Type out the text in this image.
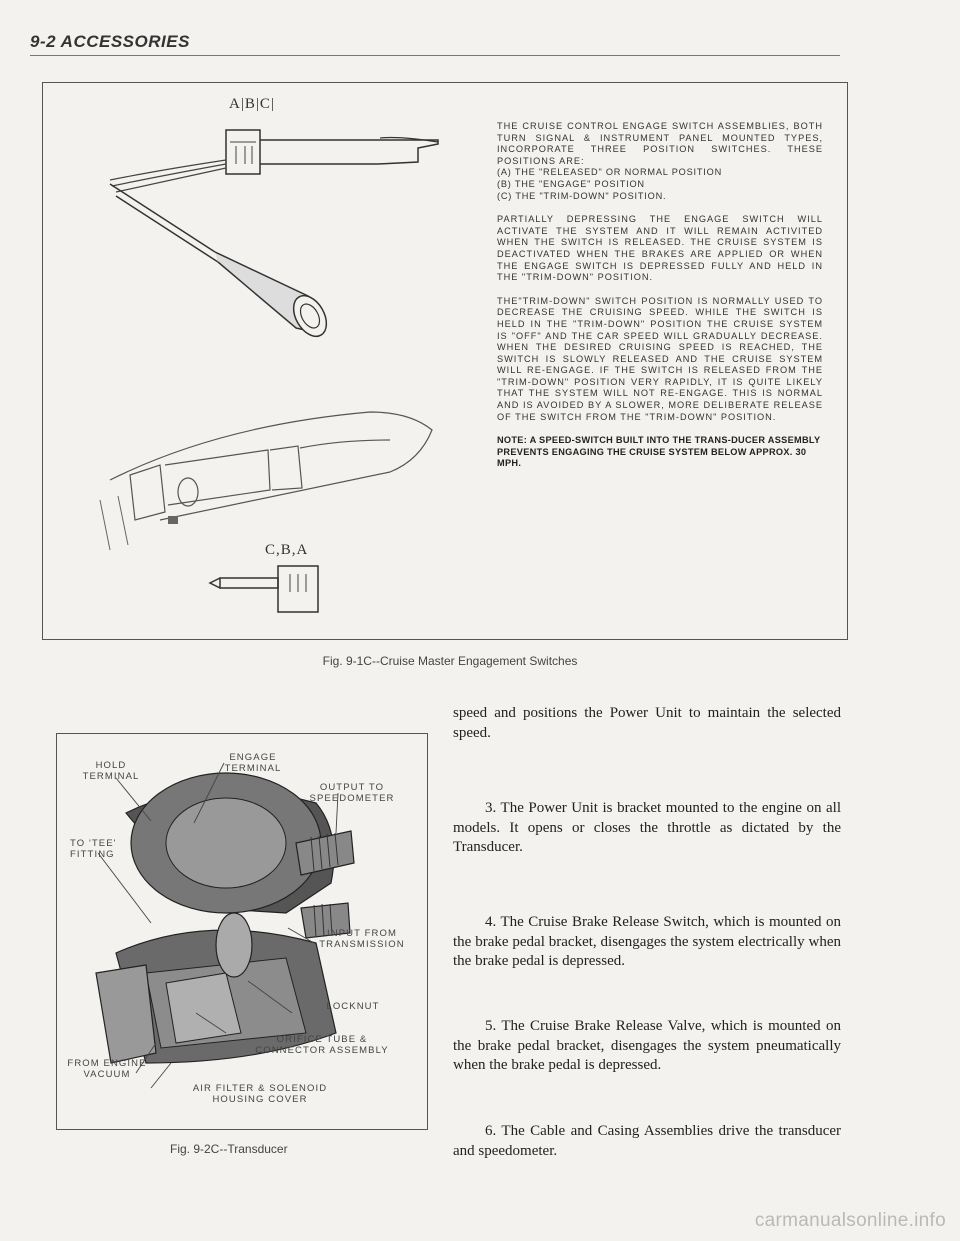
9-2 ACCESSORIES
A|B|C|
C,B,A

THE CRUISE CONTROL ENGAGE SWITCH ASSEMBLIES, BOTH TURN SIGNAL & INSTRUMENT PANEL MOUNTED TYPES, INCORPORATE THREE POSITION SWITCHES. THESE POSITIONS ARE:

(A) THE "RELEASED" OR NORMAL POSITION

(B) THE "ENGAGE" POSITION

(C) THE "TRIM-DOWN" POSITION.

PARTIALLY DEPRESSING THE ENGAGE SWITCH WILL ACTIVATE THE SYSTEM AND IT WILL REMAIN ACTIVITED WHEN THE SWITCH IS RELEASED. THE CRUISE SYSTEM IS DEACTIVATED WHEN THE BRAKES ARE APPLIED OR WHEN THE ENGAGE SWITCH IS DEPRESSED FULLY AND HELD IN THE "TRIM-DOWN" POSITION.

THE"TRIM-DOWN" SWITCH POSITION IS NORMALLY USED TO DECREASE THE CRUISING SPEED. WHILE THE SWITCH IS HELD IN THE "TRIM-DOWN" POSITION THE CRUISE SYSTEM IS "OFF" AND THE CAR SPEED WILL GRADUALLY DECREASE. WHEN THE DESIRED CRUISING SPEED IS REACHED, THE SWITCH IS SLOWLY RELEASED AND THE CRUISE SYSTEM WILL RE-ENGAGE. IF THE SWITCH IS RELEASED FROM THE "TRIM-DOWN" POSITION VERY RAPIDLY, IT IS QUITE LIKELY THAT THE SYSTEM WILL NOT RE-ENGAGE. THIS IS NORMAL AND IS AVOIDED BY A SLOWER, MORE DELIBERATE RELEASE OF THE SWITCH FROM THE "TRIM-DOWN" POSITION.

NOTE: A SPEED-SWITCH BUILT INTO THE TRANS-DUCER ASSEMBLY PREVENTS ENGAGING THE CRUISE SYSTEM BELOW APPROX. 30 MPH.

Fig. 9-1C--Cruise Master Engagement Switches
HOLD
TERMINAL
ENGAGE
TERMINAL
OUTPUT TO
SPEEDOMETER
TO 'TEE'
FITTING
INPUT FROM
TRANSMISSION
LOCKNUT
ORIFICE TUBE &
CONNECTOR ASSEMBLY
FROM ENGINE
VACUUM
AIR FILTER & SOLENOID
HOUSING COVER
Fig. 9-2C--Transducer

speed and positions the Power Unit to maintain the selected speed.

3. The Power Unit is bracket mounted to the engine on all models. It opens or closes the throttle as dictated by the Transducer.

4. The Cruise Brake Release Switch, which is mounted on the brake pedal bracket, disengages the system electrically when the brake pedal is depressed.

5. The Cruise Brake Release Valve, which is mounted on the brake pedal bracket, disengages the system pneumatically when the brake pedal is depressed.

6. The Cable and Casing Assemblies drive the transducer and speedometer.

carmanualsonline.info
